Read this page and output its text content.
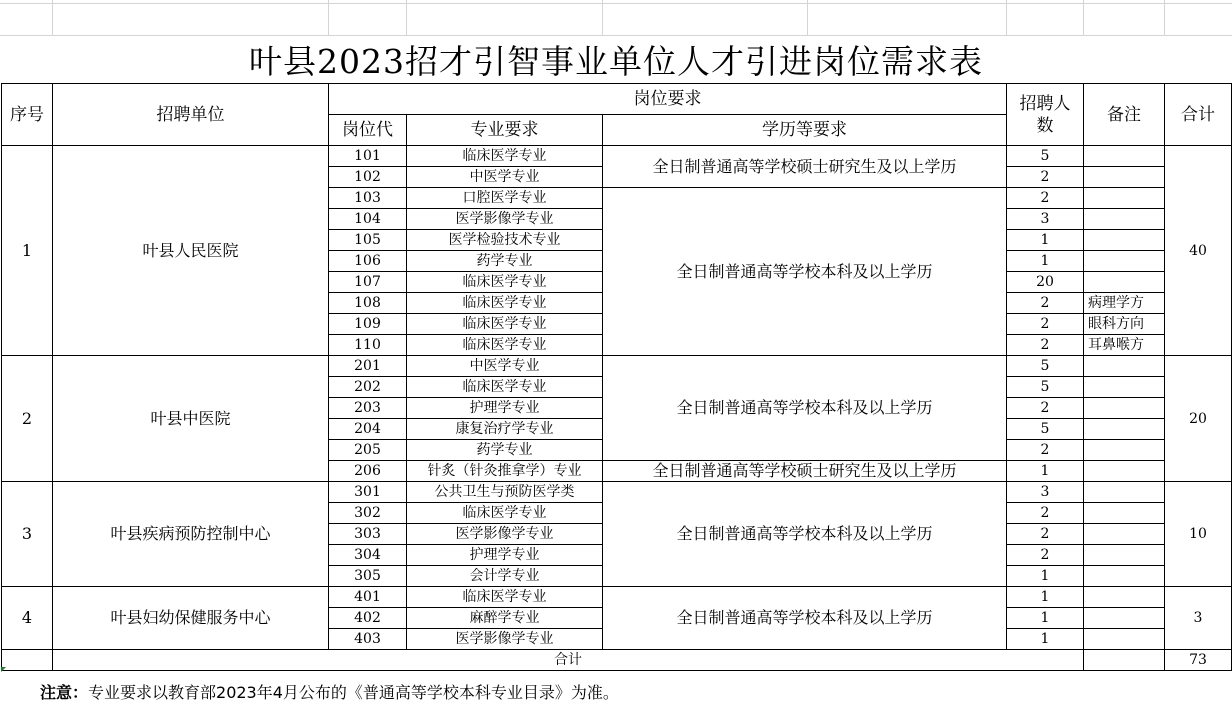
叶县2023招才引智事业单位人才引进岗位需求表
序号	招聘单位	岗位要求			招聘人数	备注	合计
		岗位代	专业要求	学历等要求			
1	叶县人民医院	101	临床医学专业	全日制普通高等学校硕士研究生及以上学历	5		40
		102	中医学专业		2		
		103	口腔医学专业	全日制普通高等学校本科及以上学历	2		
		104	医学影像学专业		3		
		105	医学检验技术专业		1		
		106	药学专业		1		
		107	临床医学专业		20		
		108	临床医学专业		2	病理学方	
		109	临床医学专业		2	眼科方向	
		110	临床医学专业		2	耳鼻喉方	
2	叶县中医院	201	中医学专业	全日制普通高等学校本科及以上学历	5		20
		202	临床医学专业		5		
		203	护理学专业		2		
		204	康复治疗学专业		5		
		205	药学专业		2		
		206	针炙（针灸推拿学）专业	全日制普通高等学校硕士研究生及以上学历	1		
3	叶县疾病预防控制中心	301	公共卫生与预防医学类	全日制普通高等学校本科及以上学历	3		10
		302	临床医学专业		2		
		303	医学影像学专业		2		
		304	护理学专业		2		
		305	会计学专业		1		
4	叶县妇幼保健服务中心	401	临床医学专业	全日制普通高等学校本科及以上学历	1		3
		402	麻醉学专业		1		
		403	医学影像学专业		1		
	合计						73
注意： 专业要求以教育部2023年4月公布的《普通高等学校本科专业目录》为准。
